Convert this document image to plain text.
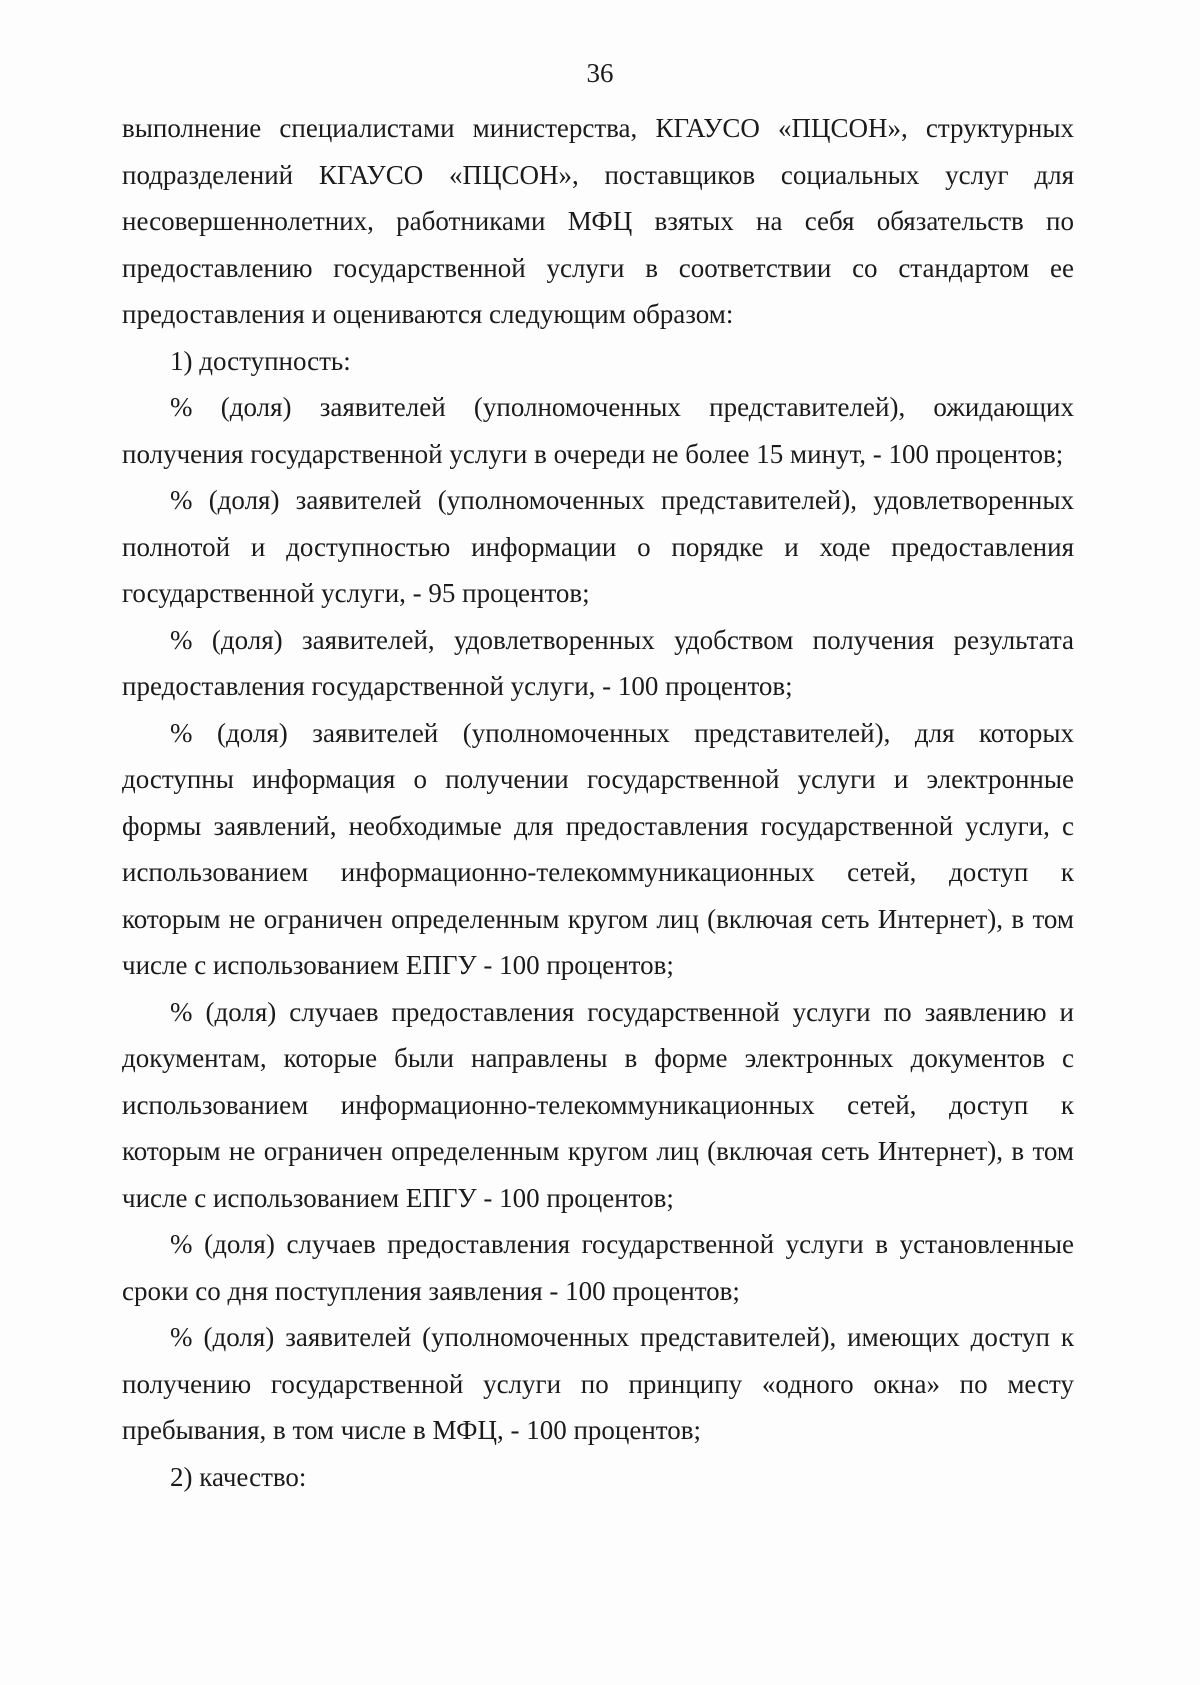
36

выполнение специалистами министерства, КГАУСО «ПЦСОН», структурных подразделений КГАУСО «ПЦСОН», поставщиков социальных услуг для несовершеннолетних, работниками МФЦ взятых на себя обязательств по предоставлению государственной услуги в соответствии со стандартом ее предоставления и оцениваются следующим образом:

1) доступность:

% (доля) заявителей (уполномоченных представителей), ожидающих получения государственной услуги в очереди не более 15 минут, - 100 процентов;

% (доля) заявителей (уполномоченных представителей), удовлетворенных полнотой и доступностью информации о порядке и ходе предоставления государственной услуги, - 95 процентов;

% (доля) заявителей, удовлетворенных удобством получения результата предоставления государственной услуги, - 100 процентов;

% (доля) заявителей (уполномоченных представителей), для которых доступны информация о получении государственной услуги и электронные формы заявлений, необходимые для предоставления государственной услуги, с использованием информационно-телекоммуникационных сетей, доступ к которым не ограничен определенным кругом лиц (включая сеть Интернет), в том числе с использованием ЕПГУ - 100 процентов;

% (доля) случаев предоставления государственной услуги по заявлению и документам, которые были направлены в форме электронных документов с использованием информационно-телекоммуникационных сетей, доступ к которым не ограничен определенным кругом лиц (включая сеть Интернет), в том числе с использованием ЕПГУ - 100 процентов;

% (доля) случаев предоставления государственной услуги в установленные сроки со дня поступления заявления - 100 процентов;

% (доля) заявителей (уполномоченных представителей), имеющих доступ к получению государственной услуги по принципу «одного окна» по месту пребывания, в том числе в МФЦ, - 100 процентов;

2) качество:
